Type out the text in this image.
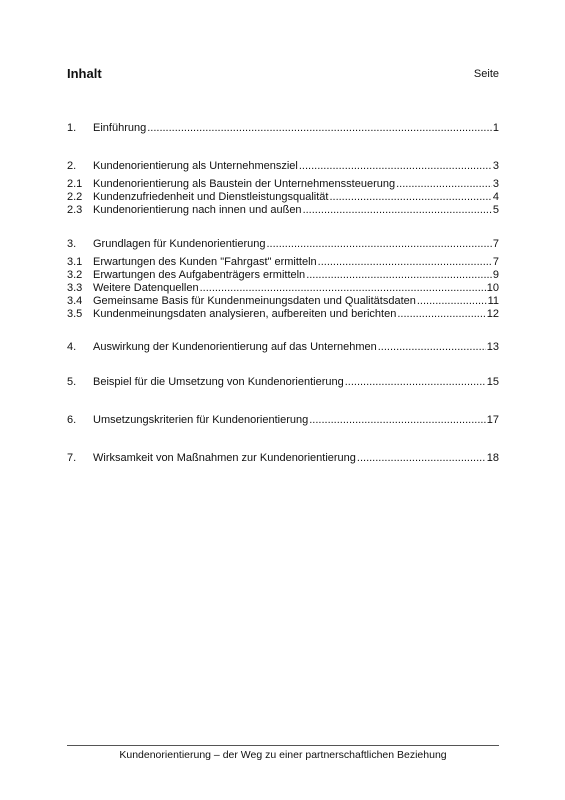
Inhalt	Seite
1. Einführung .....	1
2. Kundenorientierung als Unternehmensziel .....	3
2.1 Kundenorientierung als Baustein der Unternehmenssteuerung .....	3
2.2 Kundenzufriedenheit und Dienstleistungsqualität .....	4
2.3 Kundenorientierung nach innen und außen .....	5
3. Grundlagen für Kundenorientierung .....	7
3.1 Erwartungen des Kunden "Fahrgast" ermitteln .....	7
3.2 Erwartungen des Aufgabenträgers ermitteln .....	9
3.3 Weitere Datenquellen .....	10
3.4 Gemeinsame Basis für Kundenmeinungsdaten und Qualitätsdaten .....	11
3.5 Kundenmeinungsdaten analysieren, aufbereiten und berichten .....	12
4. Auswirkung der Kundenorientierung auf das Unternehmen .....	13
5. Beispiel für die Umsetzung von Kundenorientierung .....	15
6. Umsetzungskriterien für Kundenorientierung .....	17
7. Wirksamkeit von Maßnahmen zur Kundenorientierung .....	18
Kundenorientierung – der Weg zu einer partnerschaftlichen Beziehung
